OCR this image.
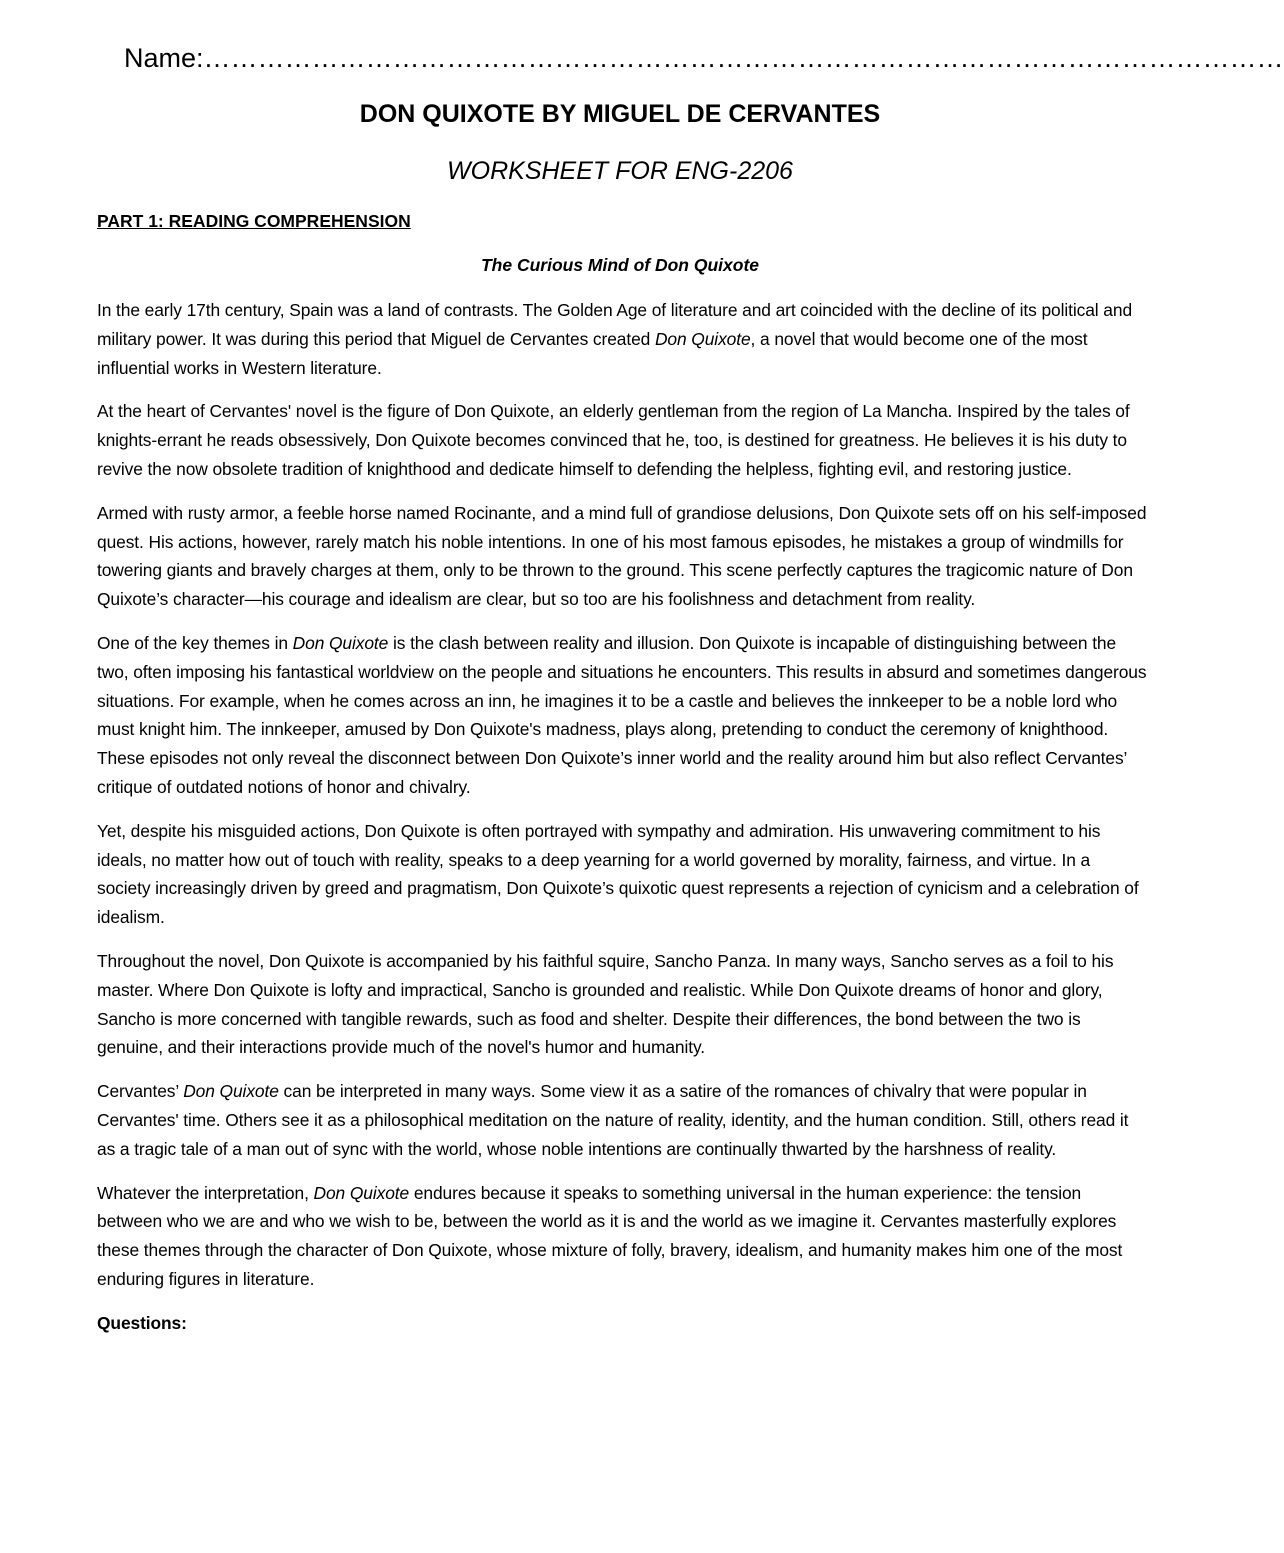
Name:…………………………………………………………………………………………………………
DON QUIXOTE BY MIGUEL DE CERVANTES
WORKSHEET FOR ENG-2206
PART 1: READING COMPREHENSION
The Curious Mind of Don Quixote

In the early 17th century, Spain was a land of contrasts. The Golden Age of literature and art coincided with the decline of its political and military power. It was during this period that Miguel de Cervantes created Don Quixote, a novel that would become one of the most influential works in Western literature.

At the heart of Cervantes' novel is the figure of Don Quixote, an elderly gentleman from the region of La Mancha. Inspired by the tales of knights-errant he reads obsessively, Don Quixote becomes convinced that he, too, is destined for greatness. He believes it is his duty to revive the now obsolete tradition of knighthood and dedicate himself to defending the helpless, fighting evil, and restoring justice.

Armed with rusty armor, a feeble horse named Rocinante, and a mind full of grandiose delusions, Don Quixote sets off on his self-imposed quest. His actions, however, rarely match his noble intentions. In one of his most famous episodes, he mistakes a group of windmills for towering giants and bravely charges at them, only to be thrown to the ground. This scene perfectly captures the tragicomic nature of Don Quixote’s character—his courage and idealism are clear, but so too are his foolishness and detachment from reality.

One of the key themes in Don Quixote is the clash between reality and illusion. Don Quixote is incapable of distinguishing between the two, often imposing his fantastical worldview on the people and situations he encounters. This results in absurd and sometimes dangerous situations. For example, when he comes across an inn, he imagines it to be a castle and believes the innkeeper to be a noble lord who must knight him. The innkeeper, amused by Don Quixote's madness, plays along, pretending to conduct the ceremony of knighthood. These episodes not only reveal the disconnect between Don Quixote’s inner world and the reality around him but also reflect Cervantes’ critique of outdated notions of honor and chivalry.

Yet, despite his misguided actions, Don Quixote is often portrayed with sympathy and admiration. His unwavering commitment to his ideals, no matter how out of touch with reality, speaks to a deep yearning for a world governed by morality, fairness, and virtue. In a society increasingly driven by greed and pragmatism, Don Quixote’s quixotic quest represents a rejection of cynicism and a celebration of idealism.

Throughout the novel, Don Quixote is accompanied by his faithful squire, Sancho Panza. In many ways, Sancho serves as a foil to his master. Where Don Quixote is lofty and impractical, Sancho is grounded and realistic. While Don Quixote dreams of honor and glory, Sancho is more concerned with tangible rewards, such as food and shelter. Despite their differences, the bond between the two is genuine, and their interactions provide much of the novel's humor and humanity.

Cervantes’ Don Quixote can be interpreted in many ways. Some view it as a satire of the romances of chivalry that were popular in Cervantes' time. Others see it as a philosophical meditation on the nature of reality, identity, and the human condition. Still, others read it as a tragic tale of a man out of sync with the world, whose noble intentions are continually thwarted by the harshness of reality.

Whatever the interpretation, Don Quixote endures because it speaks to something universal in the human experience: the tension between who we are and who we wish to be, between the world as it is and the world as we imagine it. Cervantes masterfully explores these themes through the character of Don Quixote, whose mixture of folly, bravery, idealism, and humanity makes him one of the most enduring figures in literature.

Questions:
